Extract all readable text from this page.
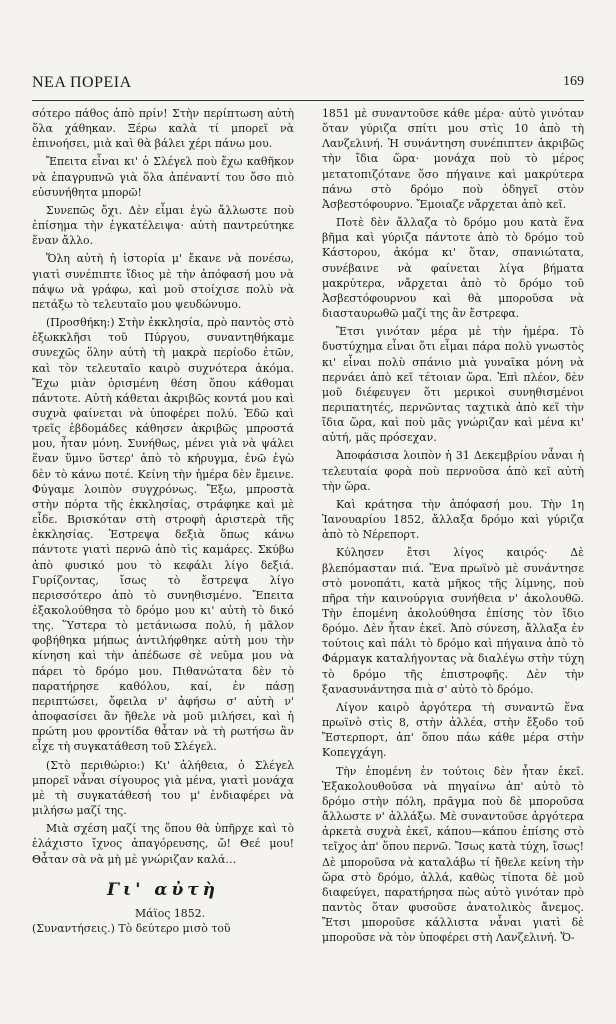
ΝΕΑ ΠΟΡΕΙΑ	169

σότερο πάθος ἀπὸ πρίν! Στὴν περίπτωση αὐτὴ ὅλα χάθηκαν. Ξέρω καλὰ τί μπορεῖ νὰ ἐπινοήσει, μιὰ καὶ θὰ βάλει χέρι πάνω μου.

Ἔπειτα εἶναι κι' ὁ Σλέγελ ποὺ ἔχω καθῆκον νὰ ἐπαγρυπνῶ γιὰ ὅλα ἀπέναντί του ὅσο πιὸ εὐσυνήθητα μπορῶ!

Συνεπῶς ὄχι. Δὲν εἶμαι ἐγὼ ἄλλωστε ποὺ ἐπίσημα τὴν ἐγκατέλειψα· αὐτὴ παντρεύτηκε ἕναν ἄλλο.

Ὅλη αὐτὴ ἡ ἱστορία μ' ἔκανε νὰ πονέσω, γιατὶ συνέπιπτε ἴδιος μὲ τὴν ἀπόφασή μου νὰ πάψω νὰ γράφω, καὶ μοῦ στοίχισε πολὺ νὰ πετάξω τὸ τελευταῖο μου ψευδώνυμο.

(Προσθήκη:) Στὴν ἐκκλησία, πρὸ παντὸς στὸ ἐξωκκλῆσι τοῦ Πύργου, συναντηθήκαμε συνεχῶς ὅλην αὐτὴ τὴ μακρὰ περίοδο ἐτῶν, καὶ τὸν τελευταῖο καιρὸ συχνότερα ἀκόμα. Ἔχω μιὰν ὁρισμένη θέση ὅπου κάθομαι πάντοτε. Αὐτὴ κάθεται ἀκριβῶς κοντά μου καὶ συχνὰ φαίνεται νὰ ὑποφέρει πολύ. Ἐδῶ καὶ τρεῖς ἑβδομάδες κάθησεν ἀκριβῶς μπροστά μου, ἦταν μόνη. Συνήθως, μένει γιὰ νὰ ψάλει ἕναν ὕμνο ὕστερ' ἀπὸ τὸ κήρυγμα, ἐνῶ ἐγὼ δὲν τὸ κάνω ποτέ. Κείνη τὴν ἡμέρα δὲν ἔμεινε. Φύγαμε λοιπὸν συγχρόνως. Ἔξω, μπροστὰ στὴν πόρτα τῆς ἐκκλησίας, στράφηκε καὶ μὲ εἶδε. Βρισκόταν στὴ στροφὴ ἀριστερὰ τῆς ἐκκλησίας. Ἐστρεψα δεξιὰ ὅπως κάνω πάντοτε γιατὶ περνῶ ἀπὸ τὶς καμάρες. Σκύβω ἀπὸ φυσικό μου τὸ κεφάλι λίγο δεξιά. Γυρίζοντας, ἴσως τὸ ἔστρεψα λίγο περισσότερο ἀπὸ τὸ συνηθισμένο. Ἔπειτα ἐξακολούθησα τὸ δρόμο μου κι' αὐτὴ τὸ δικό της. Ὕστερα τὸ μετάνιωσα πολύ, ἡ μᾶλον φοβήθηκα μήπως ἀντιλήφθηκε αὐτὴ μου τὴν κίνηση καὶ τὴν ἀπέδωσε σὲ νεῦμα μου νὰ πάρει τὸ δρόμο μου. Πιθανώτατα δὲν τὸ παρατήρησε καθόλου, καί, ἐν πάσῃ περιπτώσει, ὄφειλα ν' ἀφήσω σ' αὐτὴ ν' ἀποφασίσει ἂν ἤθελε νὰ μοῦ μιλήσει, καὶ ἡ πρώτη μου φροντίδα θἆταν νὰ τὴ ρωτήσω ἂν εἶχε τὴ συγκατάθεση τοῦ Σλέγελ.

(Στὸ περιθώριο:) Κι' ἀλήθεια, ὁ Σλέγελ μπορεῖ νἆναι σίγουρος γιὰ μένα, γιατὶ μονάχα μὲ τὴ συγκατάθεσή του μ' ἐνδιαφέρει νὰ μιλήσω μαζί της.

Μιὰ σχέση μαζί της ὅπου θὰ ὑπῆρχε καὶ τὸ ἐλάχιστο ἴχνος ἀπαγόρευσης, ὤ! Θεέ μου! Θἆταν σὰ νὰ μὴ μὲ γνώριζαν καλά…

Γι' αὐτὴ

Μάϊος 1852.

(Συναντήσεις.) Τὸ δεύτερο μισὸ τοῦ

1851 μὲ συναντοῦσε κάθε μέρα· αὐτὸ γινόταν ὅταν γύριζα σπίτι μου στὶς 10 ἀπὸ τὴ Λανζελινή. Ἡ συνάντηση συνέπιπτεν ἀκριβῶς τὴν ἴδια ὥρα· μονάχα ποὺ τὸ μέρος μετατοπιζότανε ὅσο πήγαινε καὶ μακρύτερα πάνω στὸ δρόμο ποὺ ὁδηγεῖ στὸν Ἀσβεστόφουρνο. Ἔμοιαζε νἄρχεται ἀπὸ κεῖ.

Ποτὲ δὲν ἄλλαζα τὸ δρόμο μου κατὰ ἕνα βῆμα καὶ γύριζα πάντοτε ἀπὸ τὸ δρόμο τοῦ Κάστορου, ἀκόμα κι' ὅταν, σπανιώτατα, συνέβαινε νὰ φαίνεται λίγα βήματα μακρύτερα, νἄρχεται ἀπὸ τὸ δρόμο τοῦ Ἀσβεστόφουρνου καὶ θὰ μποροῦσα νὰ διασταυρωθῶ μαζί της ἂν ἔστρεφα.

Ἔτσι γινόταν μέρα μὲ τὴν ἡμέρα. Τὸ δυστύχημα εἶναι ὅτι εἶμαι πάρα πολὺ γνωστὸς κι' εἶναι πολὺ σπάνιο μιὰ γυναῖκα μόνη νὰ περνάει ἀπὸ κεῖ τέτοιαν ὥρα. Ἐπὶ πλέον, δὲν μοῦ διέφευγεν ὅτι μερικοὶ συνηθισμένοι περιπατητές, περνῶντας ταχτικὰ ἀπὸ κεῖ τὴν ἴδια ὥρα, καὶ ποὺ μᾶς γνώριζαν καὶ μένα κι' αὐτή, μᾶς πρόσεχαν.

Ἀποφάσισα λοιπὸν ἡ 31 Δεκεμβρίου νἆναι ἡ τελευταία φορὰ ποὺ περνοῦσα ἀπὸ κεῖ αὐτὴ τὴν ὥρα.

Καὶ κράτησα τὴν ἀπόφασή μου. Τὴν 1η Ἰανουαρίου 1852, ἄλλαξα δρόμο καὶ γύριζα ἀπὸ τὸ Νέρεπορτ.

Κύλησεν ἔτσι λίγος καιρός· Δὲ βλεπόμασταν πιά. Ἕνα πρωϊνὸ μὲ συνάντησε στὸ μονοπάτι, κατὰ μῆκος τῆς λίμνης, ποὺ πῆρα τὴν καινούργια συνήθεια ν' ἀκολουθῶ. Τὴν ἑπομένη ἀκολούθησα ἐπίσης τὸν ἴδιο δρόμο. Δὲν ἦταν ἐκεῖ. Ἀπὸ σύνεση, ἄλλαξα ἐν τούτοις καὶ πάλι τὸ δρόμο καὶ πήγαινα ἀπὸ τὸ Φάρμαγκ καταλήγοντας νὰ διαλέγω στὴν τύχη τὸ δρόμο τῆς ἐπιστροφῆς. Δὲν τὴν ξανασυνάντησα πιὰ σ' αὐτὸ τὸ δρόμο.

Λίγον καιρὸ ἀργότερα τὴ συναντῶ ἕνα πρωϊνὸ στὶς 8, στὴν ἀλλέα, στὴν ἔξοδο τοῦ Ἔστερπορτ, ἀπ' ὅπου πάω κάθε μέρα στὴν Κοπεγχάγη.

Τὴν ἑπομένη ἐν τούτοις δὲν ἦταν ἐκεῖ. Ἐξακολουθοῦσα νὰ πηγαίνω ἀπ' αὐτὸ τὸ δρόμο στὴν πόλη, πρᾶγμα ποὺ δὲ μποροῦσα ἄλλωστε ν' ἀλλάξω. Μὲ συναντοῦσε ἀργότερα ἀρκετὰ συχνὰ ἐκεῖ, κάπου—κάπου ἐπίσης στὸ τεῖχος ἀπ' ὅπου περνῶ. Ἴσως κατὰ τύχη, ἴσως! Δὲ μποροῦσα νὰ καταλάβω τί ἤθελε κείνη τὴν ὥρα στὸ δρόμο, ἀλλά, καθὼς τίποτα δὲ μοῦ διαφεύγει, παρατήρησα πὼς αὐτὸ γινόταν πρὸ παντὸς ὅταν φυσοῦσε ἀνατολικὸς ἄνεμος. Ἔτσι μποροῦσε κάλλιστα νἆναι γιατὶ δὲ μποροῦσε νὰ τὸν ὑποφέρει στὴ Λανζελινή. Ὅ-
